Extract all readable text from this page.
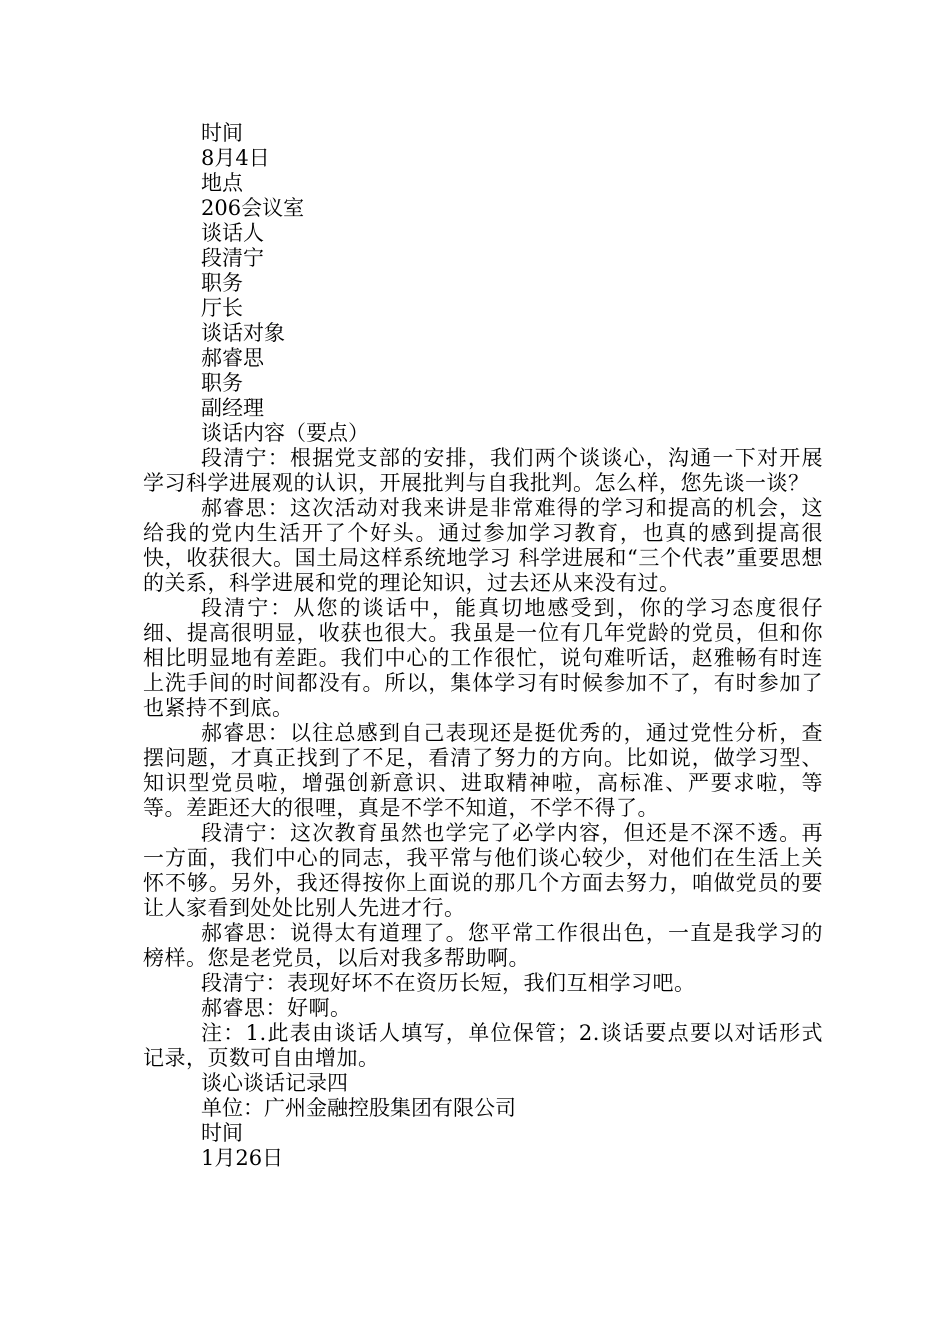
时间

8月4日

地点

206会议室

谈话人

段清宁

职务

厅长

谈话对象

郝睿思

职务

副经理

谈话内容（要点）

段清宁：根据党支部的安排，我们两个谈谈心，沟通一下对开展学习科学进展观的认识，开展批判与自我批判。怎么样，您先谈一谈？

郝睿思：这次活动对我来讲是非常难得的学习和提高的机会，这给我的党内生活开了个好头。通过参加学习教育，也真的感到提高很快，收获很大。国土局这样系统地学习 科学进展和“三个代表”重要思想的关系，科学进展和党的理论知识，过去还从来没有过。

段清宁：从您的谈话中，能真切地感受到，你的学习态度很仔细、提高很明显，收获也很大。我虽是一位有几年党龄的党员，但和你相比明显地有差距。我们中心的工作很忙，说句难听话，赵雅畅有时连上洗手间的时间都没有。所以，集体学习有时候参加不了，有时参加了也紧持不到底。

郝睿思：以往总感到自己表现还是挺优秀的，通过党性分析，查摆问题，才真正找到了不足，看清了努力的方向。比如说，做学习型、知识型党员啦，增强创新意识、进取精神啦，高标准、严要求啦，等等。差距还大的很哩，真是不学不知道，不学不得了。

段清宁：这次教育虽然也学完了必学内容，但还是不深不透。再一方面，我们中心的同志，我平常与他们谈心较少，对他们在生活上关怀不够。另外，我还得按你上面说的那几个方面去努力，咱做党员的要让人家看到处处比别人先进才行。

郝睿思：说得太有道理了。您平常工作很出色，一直是我学习的榜样。您是老党员，以后对我多帮助啊。

段清宁：表现好坏不在资历长短，我们互相学习吧。

郝睿思：好啊。

注：1.此表由谈话人填写，单位保管；2.谈话要点要以对话形式记录，页数可自由增加。

谈心谈话记录四

单位：广州金融控股集团有限公司

时间

1月26日
